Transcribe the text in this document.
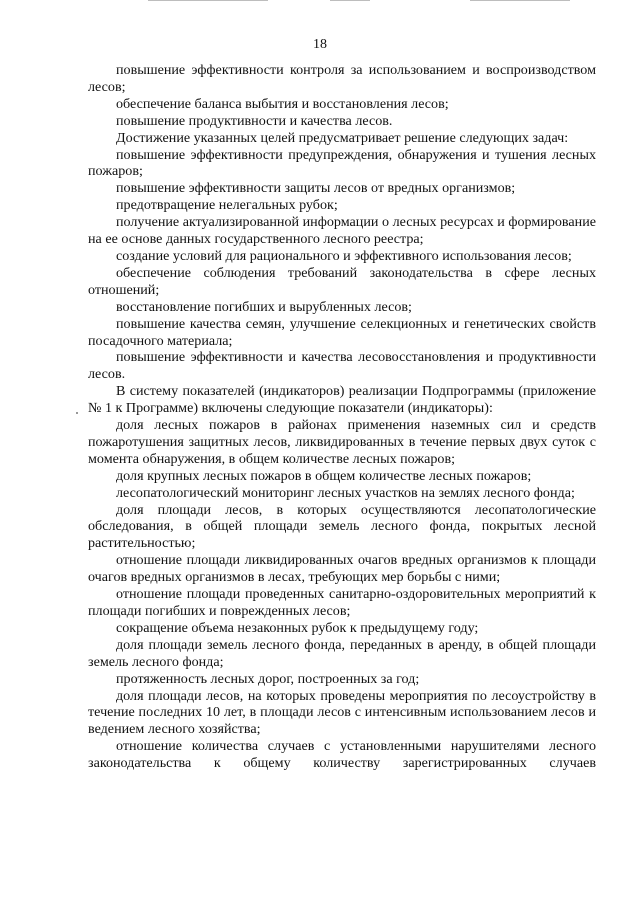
18

повышение эффективности контроля за использованием и воспроизводством лесов;

обеспечение баланса выбытия и восстановления лесов;

повышение продуктивности и качества лесов.

Достижение указанных целей предусматривает решение следующих задач:

повышение эффективности предупреждения, обнаружения и тушения лесных пожаров;

повышение эффективности защиты лесов от вредных организмов;

предотвращение нелегальных рубок;

получение актуализированной информации о лесных ресурсах и формирование на ее основе данных государственного лесного реестра;

создание условий для рационального и эффективного использования лесов;

обеспечение соблюдения требований законодательства в сфере лесных отношений;

восстановление погибших и вырубленных лесов;

повышение качества семян, улучшение селекционных и генетических свойств посадочного материала;

повышение эффективности и качества лесовосстановления и продуктивности лесов.

В систему показателей (индикаторов) реализации Подпрограммы (приложение № 1 к Программе) включены следующие показатели (индикаторы):

доля лесных пожаров в районах применения наземных сил и средств пожаротушения защитных лесов, ликвидированных в течение первых двух суток с момента обнаружения, в общем количестве лесных пожаров;

доля крупных лесных пожаров в общем количестве лесных пожаров;

лесопатологический мониторинг лесных участков на землях лесного фонда;

доля площади лесов, в которых осуществляются лесопатологические обследования, в общей площади земель лесного фонда, покрытых лесной растительностью;

отношение площади ликвидированных очагов вредных организмов к площади очагов вредных организмов в лесах, требующих мер борьбы с ними;

отношение площади проведенных санитарно-оздоровительных мероприятий к площади погибших и поврежденных лесов;

сокращение объема незаконных рубок к предыдущему году;

доля площади земель лесного фонда, переданных в аренду, в общей площади земель лесного фонда;

протяженность лесных дорог, построенных за год;

доля площади лесов, на которых проведены мероприятия по лесоустройству в течение последних 10 лет, в площади лесов с интенсивным использованием лесов и ведением лесного хозяйства;

отношение количества случаев с установленными нарушителями лесного законодательства к общему количеству зарегистрированных случаев
